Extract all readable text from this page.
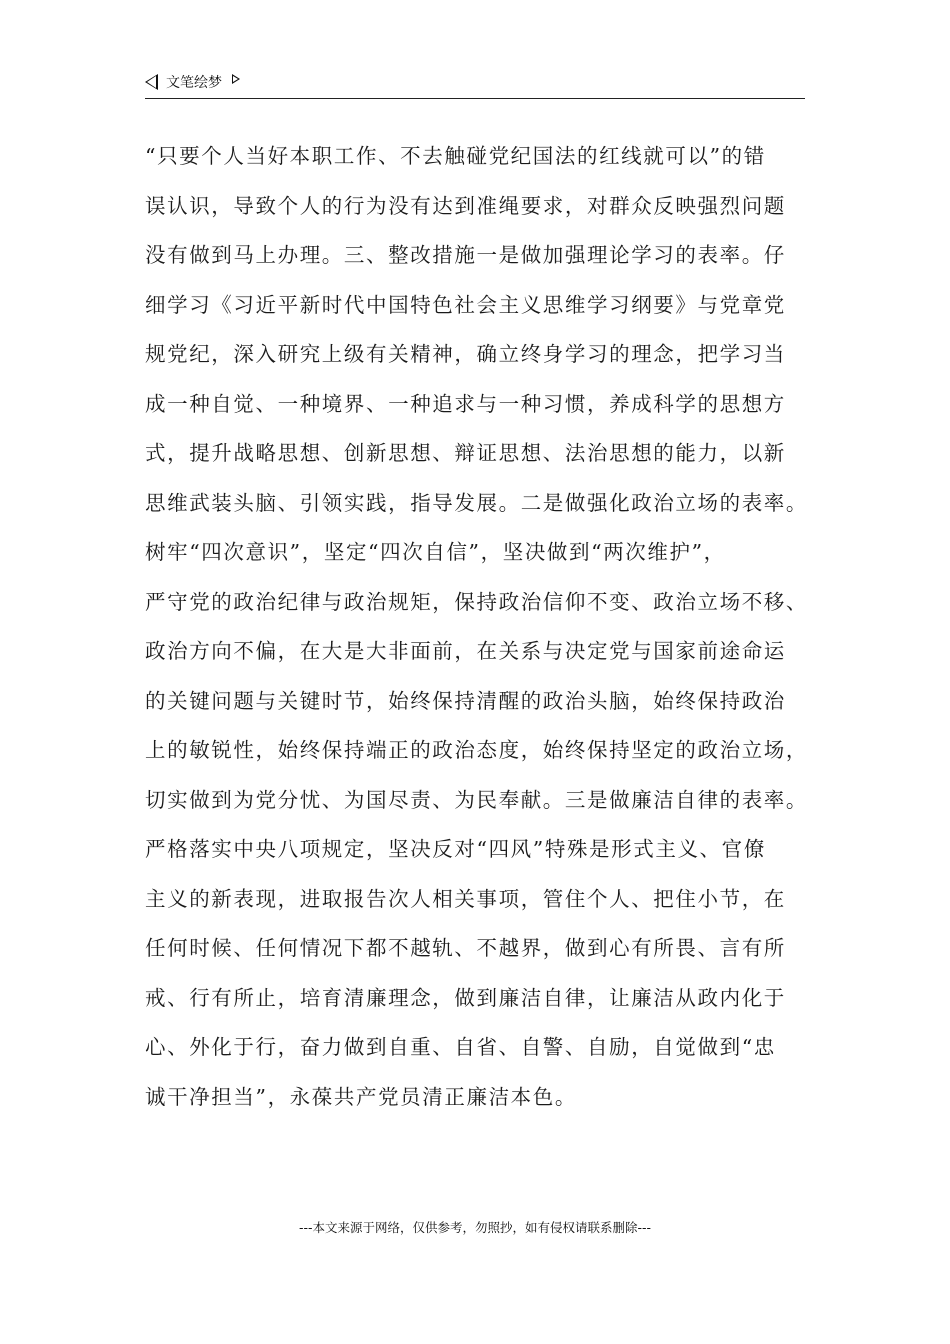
文笔绘梦
“只要个人当好本职工作、不去触碰党纪国法的红线就可以”的错
误认识，导致个人的行为没有达到准绳要求，对群众反映强烈问题
没有做到马上办理。三、整改措施一是做加强理论学习的表率。仔
细学习《习近平新时代中国特色社会主义思维学习纲要》与党章党
规党纪，深入研究上级有关精神，确立终身学习的理念，把学习当
成一种自觉、一种境界、一种追求与一种习惯，养成科学的思想方
式，提升战略思想、创新思想、辩证思想、法治思想的能力，以新
思维武装头脑、引领实践，指导发展。二是做强化政治立场的表率。
树牢“四次意识”，坚定“四次自信”，坚决做到“两次维护”，
严守党的政治纪律与政治规矩，保持政治信仰不变、政治立场不移、
政治方向不偏，在大是大非面前，在关系与决定党与国家前途命运
的关键问题与关键时节，始终保持清醒的政治头脑，始终保持政治
上的敏锐性，始终保持端正的政治态度，始终保持坚定的政治立场，
切实做到为党分忧、为国尽责、为民奉献。三是做廉洁自律的表率。
严格落实中央八项规定，坚决反对“四风”特殊是形式主义、官僚
主义的新表现，进取报告次人相关事项，管住个人、把住小节，在
任何时候、任何情况下都不越轨、不越界，做到心有所畏、言有所
戒、行有所止，培育清廉理念，做到廉洁自律，让廉洁从政内化于
心、外化于行，奋力做到自重、自省、自警、自励，自觉做到“忠
诚干净担当”，永葆共产党员清正廉洁本色。
---本文来源于网络，仅供参考，勿照抄，如有侵权请联系删除---
